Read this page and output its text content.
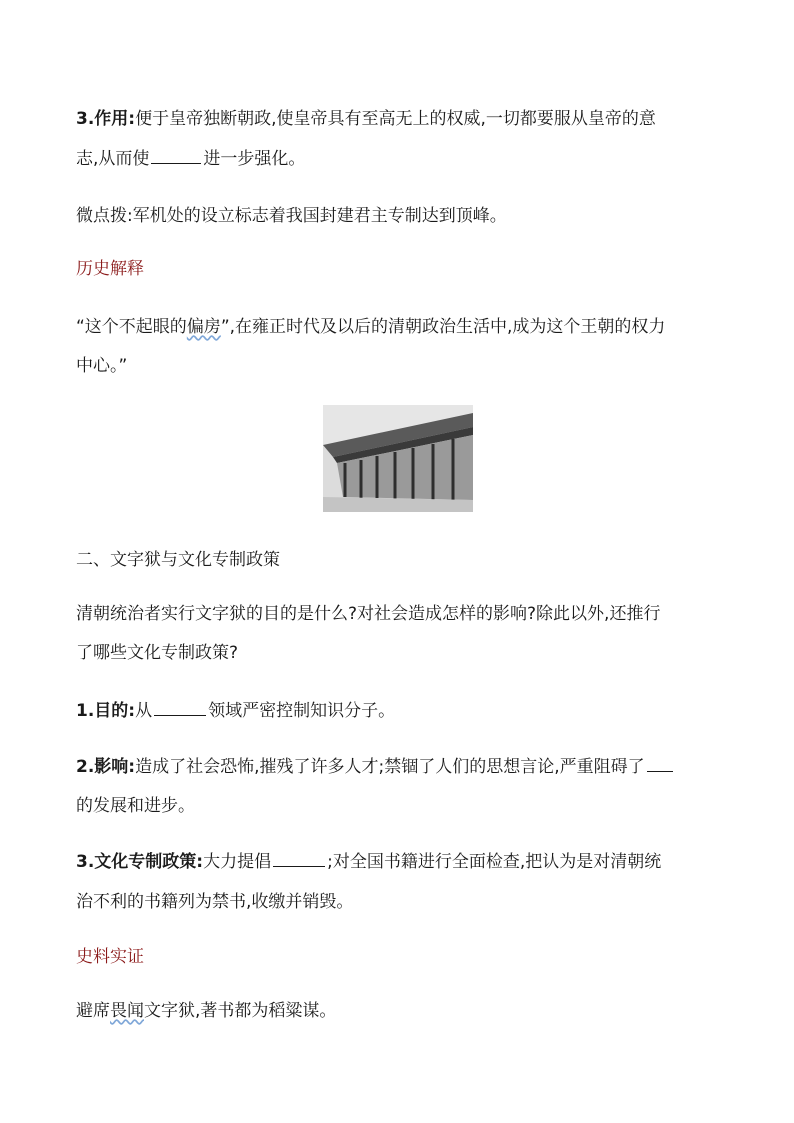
3.作用:便于皇帝独断朝政,使皇帝具有至高无上的权威,一切都要服从皇帝的意
志,从而使	进一步强化。
微点拨:军机处的设立标志着我国封建君主专制达到顶峰。
历史解释
“这个不起眼的偏房”,在雍正时代及以后的清朝政治生活中,成为这个王朝的权力
中心。”
二、文字狱与文化专制政策
清朝统治者实行文字狱的目的是什么?对社会造成怎样的影响?除此以外,还推行
了哪些文化专制政策?
1.目的:从	领域严密控制知识分子。
2.影响:造成了社会恐怖,摧残了许多人才;禁锢了人们的思想言论,严重阻碍了
的发展和进步。
3.文化专制政策:大力提倡	;对全国书籍进行全面检查,把认为是对清朝统
治不利的书籍列为禁书,收缴并销毁。
史料实证
避席畏闻文字狱,著书都为稻粱谋。
